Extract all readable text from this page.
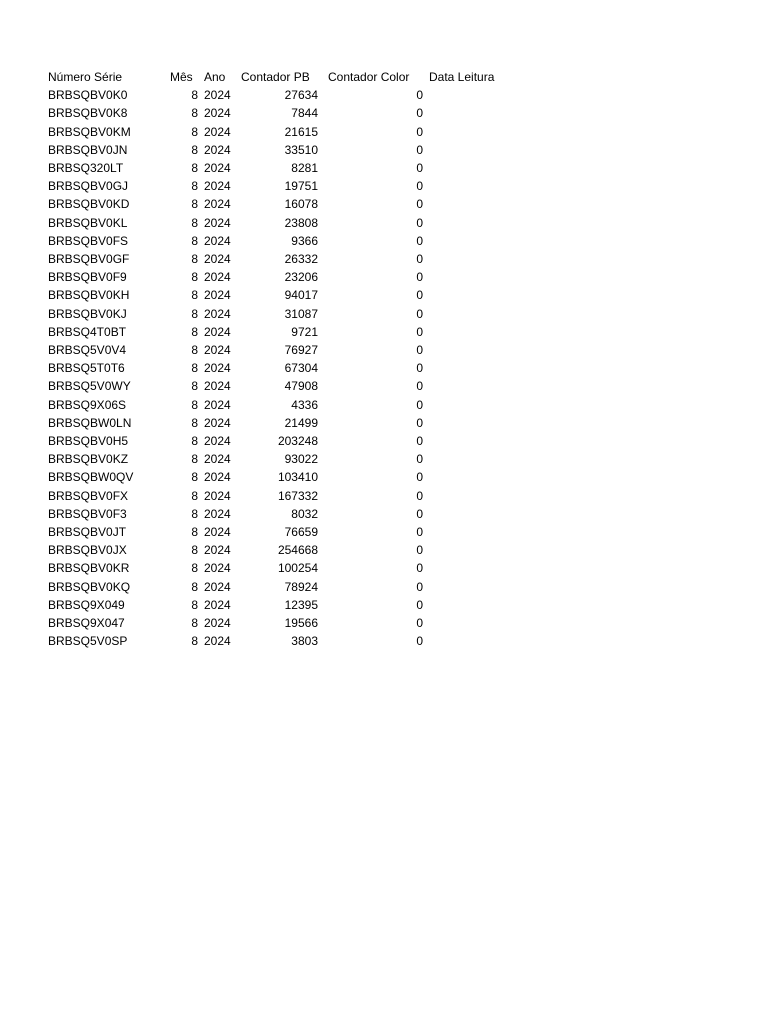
Número Série	Mês	Ano	Contador PB	Contador Color	Data Leitura
BRBSQBV0K0	8	2024	27634	0	
BRBSQBV0K8	8	2024	7844	0	
BRBSQBV0KM	8	2024	21615	0	
BRBSQBV0JN	8	2024	33510	0	
BRBSQ320LT	8	2024	8281	0	
BRBSQBV0GJ	8	2024	19751	0	
BRBSQBV0KD	8	2024	16078	0	
BRBSQBV0KL	8	2024	23808	0	
BRBSQBV0FS	8	2024	9366	0	
BRBSQBV0GF	8	2024	26332	0	
BRBSQBV0F9	8	2024	23206	0	
BRBSQBV0KH	8	2024	94017	0	
BRBSQBV0KJ	8	2024	31087	0	
BRBSQ4T0BT	8	2024	9721	0	
BRBSQ5V0V4	8	2024	76927	0	
BRBSQ5T0T6	8	2024	67304	0	
BRBSQ5V0WY	8	2024	47908	0	
BRBSQ9X06S	8	2024	4336	0	
BRBSQBW0LN	8	2024	21499	0	
BRBSQBV0H5	8	2024	203248	0	
BRBSQBV0KZ	8	2024	93022	0	
BRBSQBW0QV	8	2024	103410	0	
BRBSQBV0FX	8	2024	167332	0	
BRBSQBV0F3	8	2024	8032	0	
BRBSQBV0JT	8	2024	76659	0	
BRBSQBV0JX	8	2024	254668	0	
BRBSQBV0KR	8	2024	100254	0	
BRBSQBV0KQ	8	2024	78924	0	
BRBSQ9X049	8	2024	12395	0	
BRBSQ9X047	8	2024	19566	0	
BRBSQ5V0SP	8	2024	3803	0	
